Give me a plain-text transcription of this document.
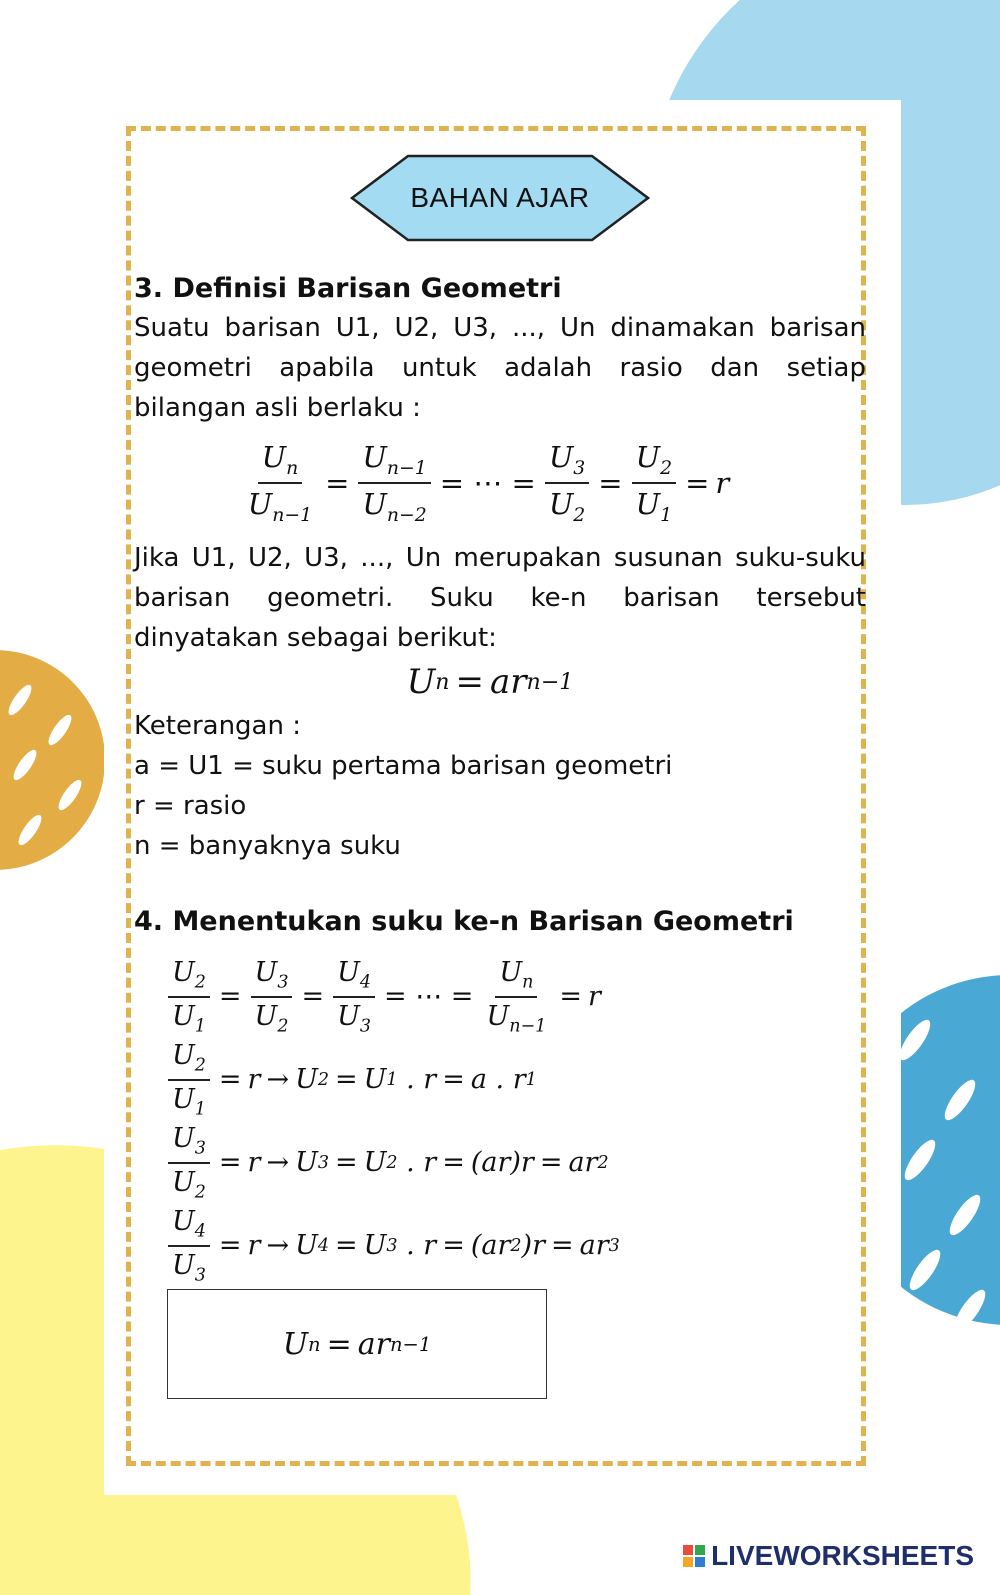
BAHAN AJAR
3. Definisi Barisan Geometri

Suatu barisan U1, U2, U3, ..., Un dinamakan barisan geometri apabila untuk adalah rasio dan setiap bilangan asli berlaku :

$\frac{U_n}{U_{n-1}} = \frac{U_{n-1}}{U_{n-2}}$ = ⋯ = $\frac{U_3}{U_2} = \frac{U_2}{U_1} = r$

Jika U1, U2, U3, ..., Un merupakan susunan suku-suku barisan geometri. Suku ke-n barisan tersebut dinyatakan sebagai berikut:

U n = ar n−1

Keterangan :

a = U1 = suku pertama barisan geometri

r = rasio

n = banyaknya suku

4. Menentukan suku ke-n Barisan Geometri
$\frac{U_2}{U_1} = \frac{U_3}{U_2} = \frac{U_4}{U_3}$ = ⋯ = $\frac{U_n}{U_{n-1}} = r$
$\frac{U_2}{U_1} = r \to U$ 2 = U 1 . r = a . r 1
$\frac{U_3}{U_2} = r \to U$ 3 = U 2 . r = (ar)r = ar 2
$\frac{U_4}{U_3} = r \to U$ 4 = U 3 . r = (ar 2 )r = ar 3
U n = ar n−1
LIVEWORKSHEETS
